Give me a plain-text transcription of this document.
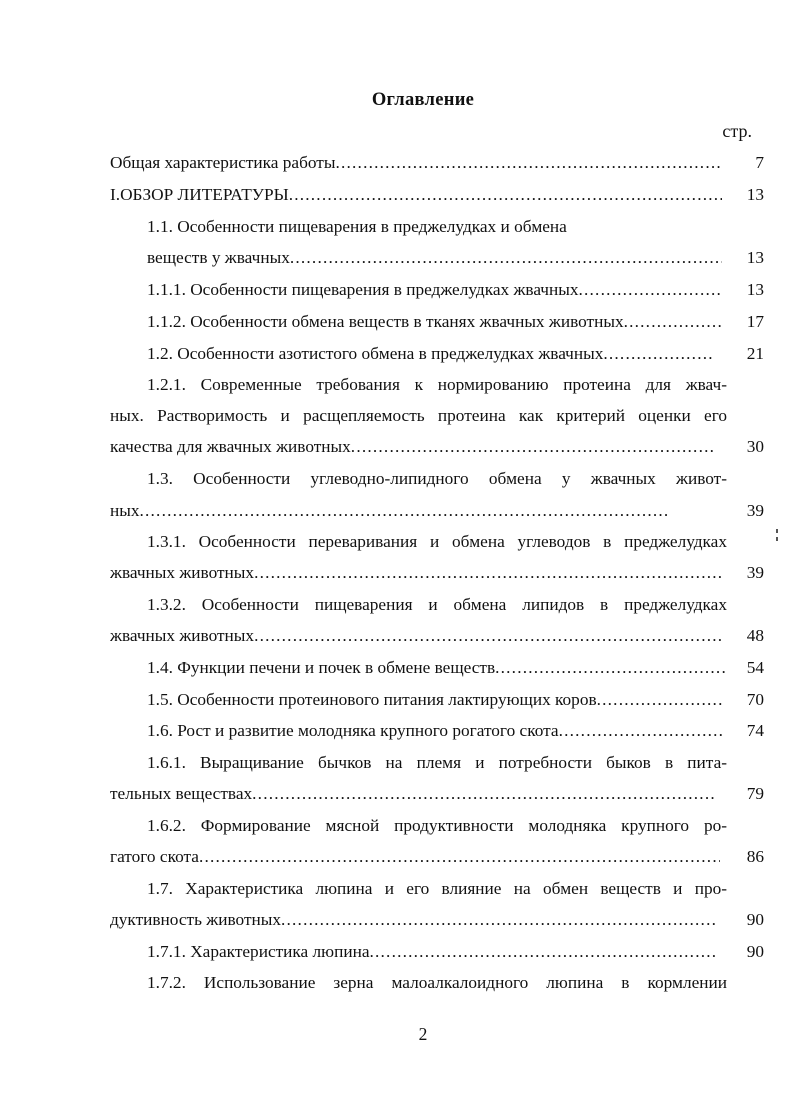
Оглавление
стр.
Общая характеристика работы .....	7
I.ОБЗОР ЛИТЕРАТУРЫ .....	13
1.1. Особенности пищеварения в преджелудках и обмена
веществ у жвачных .....	13
1.1.1. Особенности пищеварения в преджелудках жвачных .....	13
1.1.2. Особенности обмена веществ в тканях жвачных животных .....	17
1.2. Особенности азотистого обмена в преджелудках жвачных .....	21
1.2.1. Современные требования к нормированию протеина для жвач-
ных. Растворимость и расщепляемость протеина как критерий оценки его
качества для жвачных животных .....	30
1.3. Особенности углеводно-липидного обмена у жвачных живот-
ных .....	39
1.3.1. Особенности переваривания и обмена углеводов в преджелудках
жвачных животных .....	39
1.3.2. Особенности пищеварения и обмена липидов в преджелудках
жвачных животных .....	48
1.4. Функции печени и почек в обмене веществ .....	54
1.5. Особенности протеинового питания лактирующих коров .....	70
1.6. Рост и развитие молодняка крупного рогатого скота .....	74
1.6.1. Выращивание бычков на племя и потребности быков в пита-
тельных веществах .....	79
1.6.2. Формирование мясной продуктивности молодняка крупного ро-
гатого скота .....	86
1.7. Характеристика люпина и его влияние на обмен веществ и про-
дуктивность животных .....	90
1.7.1. Характеристика люпина .....	90
1.7.2. Использование зерна малоалкалоидного люпина в кормлении
2
